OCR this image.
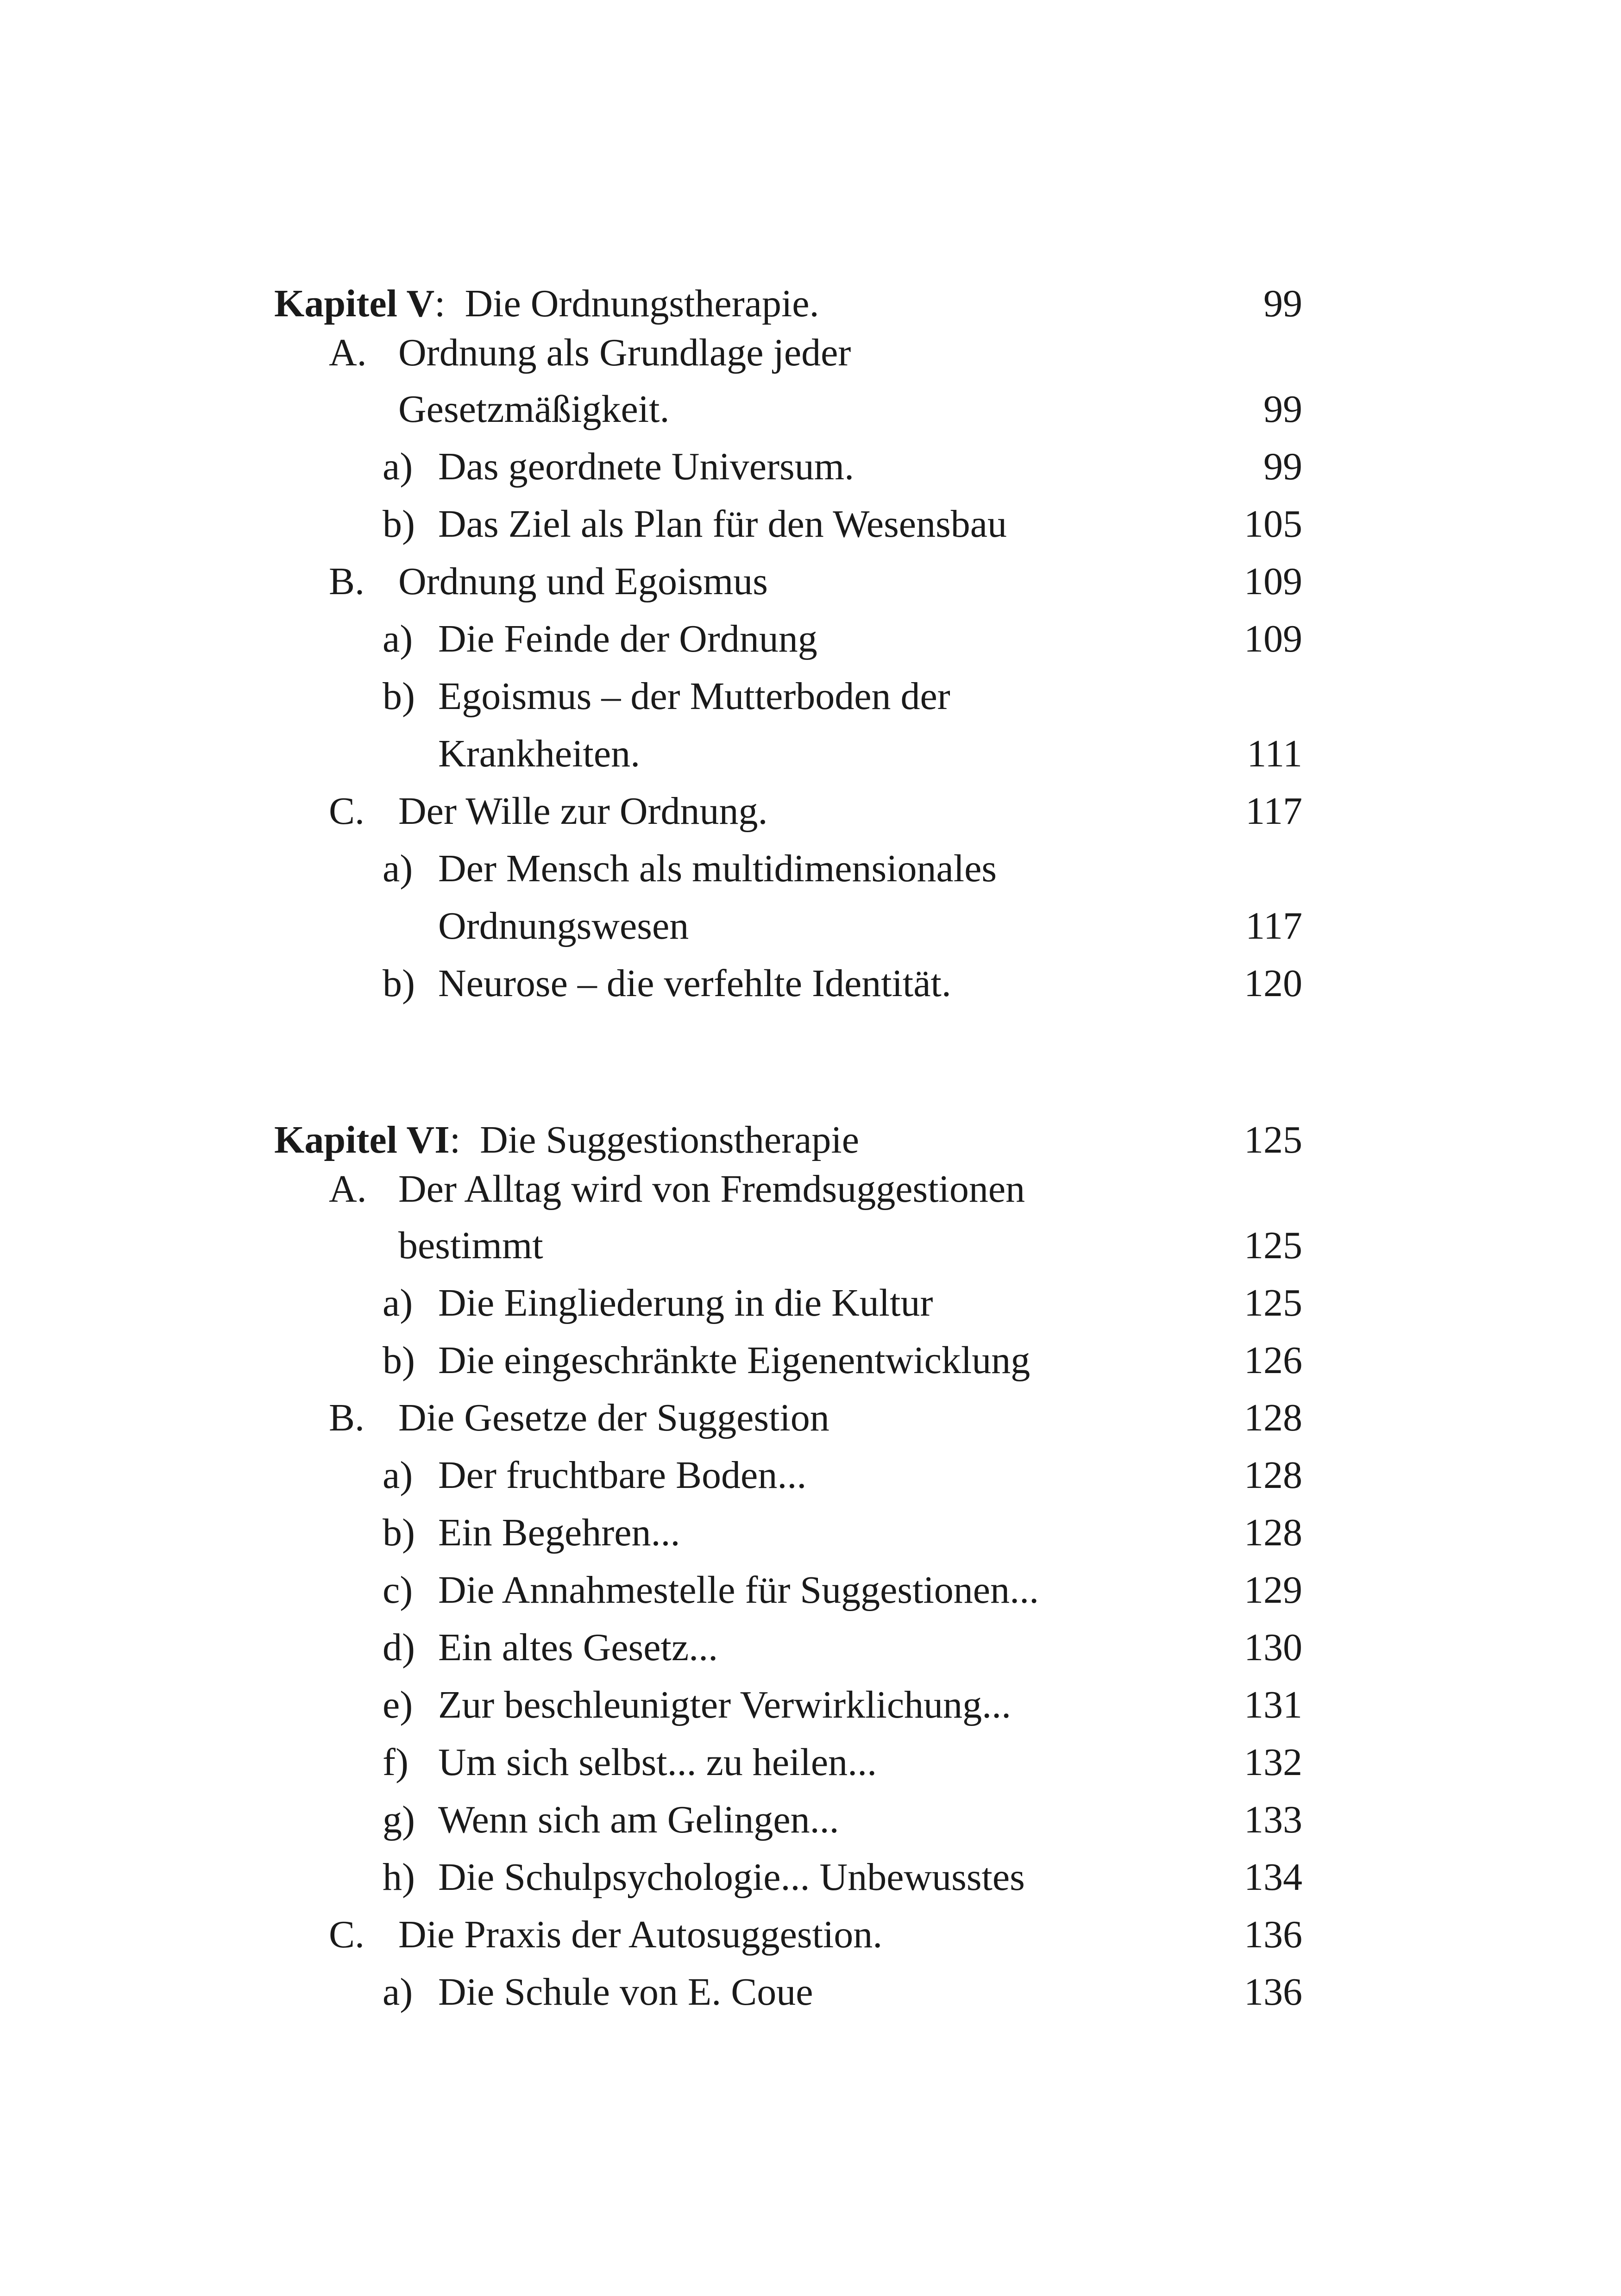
Kapitel V:  Die Ordnungstherapie.	99
A. Ordnung als Grundlage jeder
Gesetzmäßigkeit.	99
a) Das geordnete Universum.	99
b) Das Ziel als Plan für den Wesensbau	105
B. Ordnung und Egoismus	109
a) Die Feinde der Ordnung	109
b) Egoismus – der Mutterboden der
Krankheiten.	111
C. Der Wille zur Ordnung.	117
a) Der Mensch als multidimensionales
Ordnungswesen	117
b) Neurose – die verfehlte Identität.	120
Kapitel VI:  Die Suggestionstherapie	125
A. Der Alltag wird von Fremdsuggestionen
bestimmt	125
a) Die Eingliederung in die Kultur	125
b) Die eingeschränkte Eigenentwicklung	126
B. Die Gesetze der Suggestion	128
a) Der fruchtbare Boden...	128
b) Ein Begehren...	128
c) Die Annahmestelle für Suggestionen...	129
d) Ein altes Gesetz...	130
e) Zur beschleunigter Verwirklichung...	131
f) Um sich selbst... zu heilen...	132
g) Wenn sich am Gelingen...	133
h) Die Schulpsychologie... Unbewusstes	134
C. Die Praxis der Autosuggestion.	136
a) Die Schule von E. Coue	136
